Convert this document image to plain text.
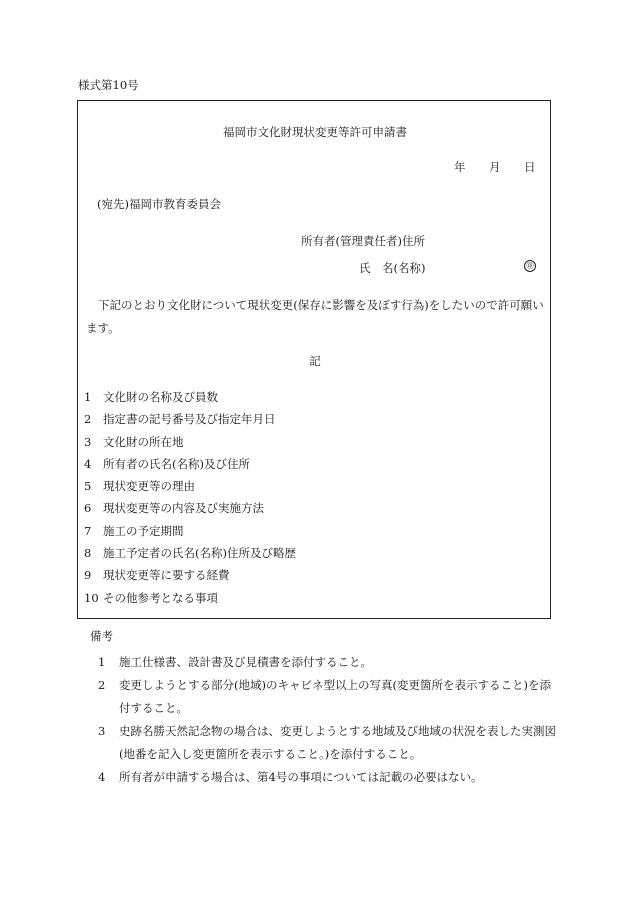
様式第10号
福岡市文化財現状変更等許可申請書
年 月 日
(宛先)福岡市教育委員会
所有者(管理責任者)住所
氏　名(名称)	㊞
下記のとおり文化財について現状変更(保存に影響を及ぼす行為)をしたいので許可願います。
記
1 文化財の名称及び員数
2 指定書の記号番号及び指定年月日
3 文化財の所在地
4 所有者の氏名(名称)及び住所
5 現状変更等の理由
6 現状変更等の内容及び実施方法
7 施工の予定期間
8 施工予定者の氏名(名称)住所及び略歴
9 現状変更等に要する経費
10 その他参考となる事項
備考
1	施工仕様書、設計書及び見積書を添付すること。
2	変更しようとする部分(地域)のキャビネ型以上の写真(変更箇所を表示すること)を添付すること。
3	史跡名勝天然記念物の場合は、変更しようとする地域及び地域の状況を表した実測図(地番を記入し変更箇所を表示すること。)を添付すること。
4	所有者が申請する場合は、第4号の事項については記載の必要はない。
